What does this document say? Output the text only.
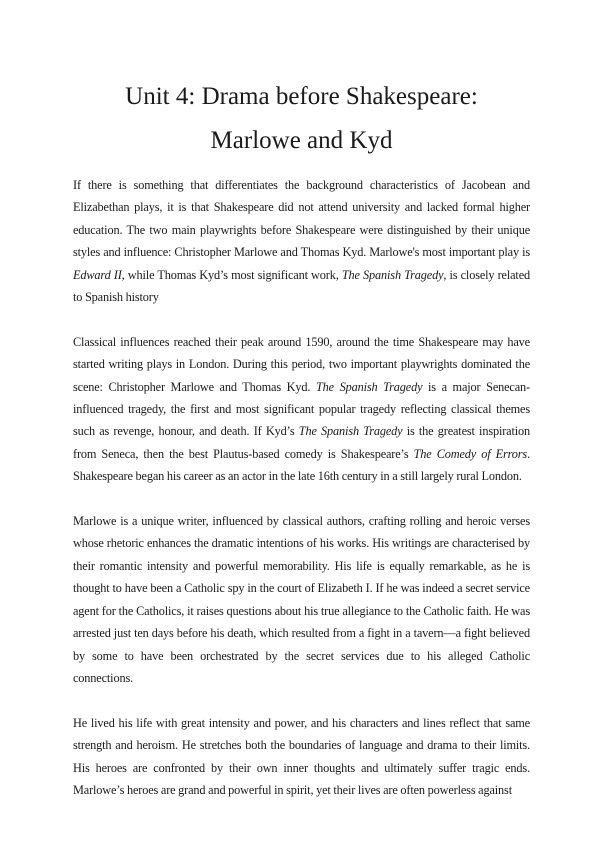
Unit 4: Drama before Shakespeare:
Marlowe and Kyd

If there is something that differentiates the background characteristics of Jacobean and Elizabethan plays, it is that Shakespeare did not attend university and lacked formal higher education. The two main playwrights before Shakespeare were distinguished by their unique styles and influence: Christopher Marlowe and Thomas Kyd. Marlowe's most important play is Edward II, while Thomas Kyd’s most significant work, The Spanish Tragedy, is closely related to Spanish history

Classical influences reached their peak around 1590, around the time Shakespeare may have started writing plays in London. During this period, two important playwrights dominated the scene: Christopher Marlowe and Thomas Kyd. The Spanish Tragedy is a major Senecan-influenced tragedy, the first and most significant popular tragedy reflecting classical themes such as revenge, honour, and death. If Kyd’s The Spanish Tragedy is the greatest inspiration from Seneca, then the best Plautus-based comedy is Shakespeare’s The Comedy of Errors. Shakespeare began his career as an actor in the late 16th century in a still largely rural London.

Marlowe is a unique writer, influenced by classical authors, crafting rolling and heroic verses whose rhetoric enhances the dramatic intentions of his works. His writings are characterised by their romantic intensity and powerful memorability. His life is equally remarkable, as he is thought to have been a Catholic spy in the court of Elizabeth I. If he was indeed a secret service agent for the Catholics, it raises questions about his true allegiance to the Catholic faith. He was arrested just ten days before his death, which resulted from a fight in a tavern—a fight believed by some to have been orchestrated by the secret services due to his alleged Catholic connections.

He lived his life with great intensity and power, and his characters and lines reflect that same strength and heroism. He stretches both the boundaries of language and drama to their limits. His heroes are confronted by their own inner thoughts and ultimately suffer tragic ends. Marlowe’s heroes are grand and powerful in spirit, yet their lives are often powerless against
